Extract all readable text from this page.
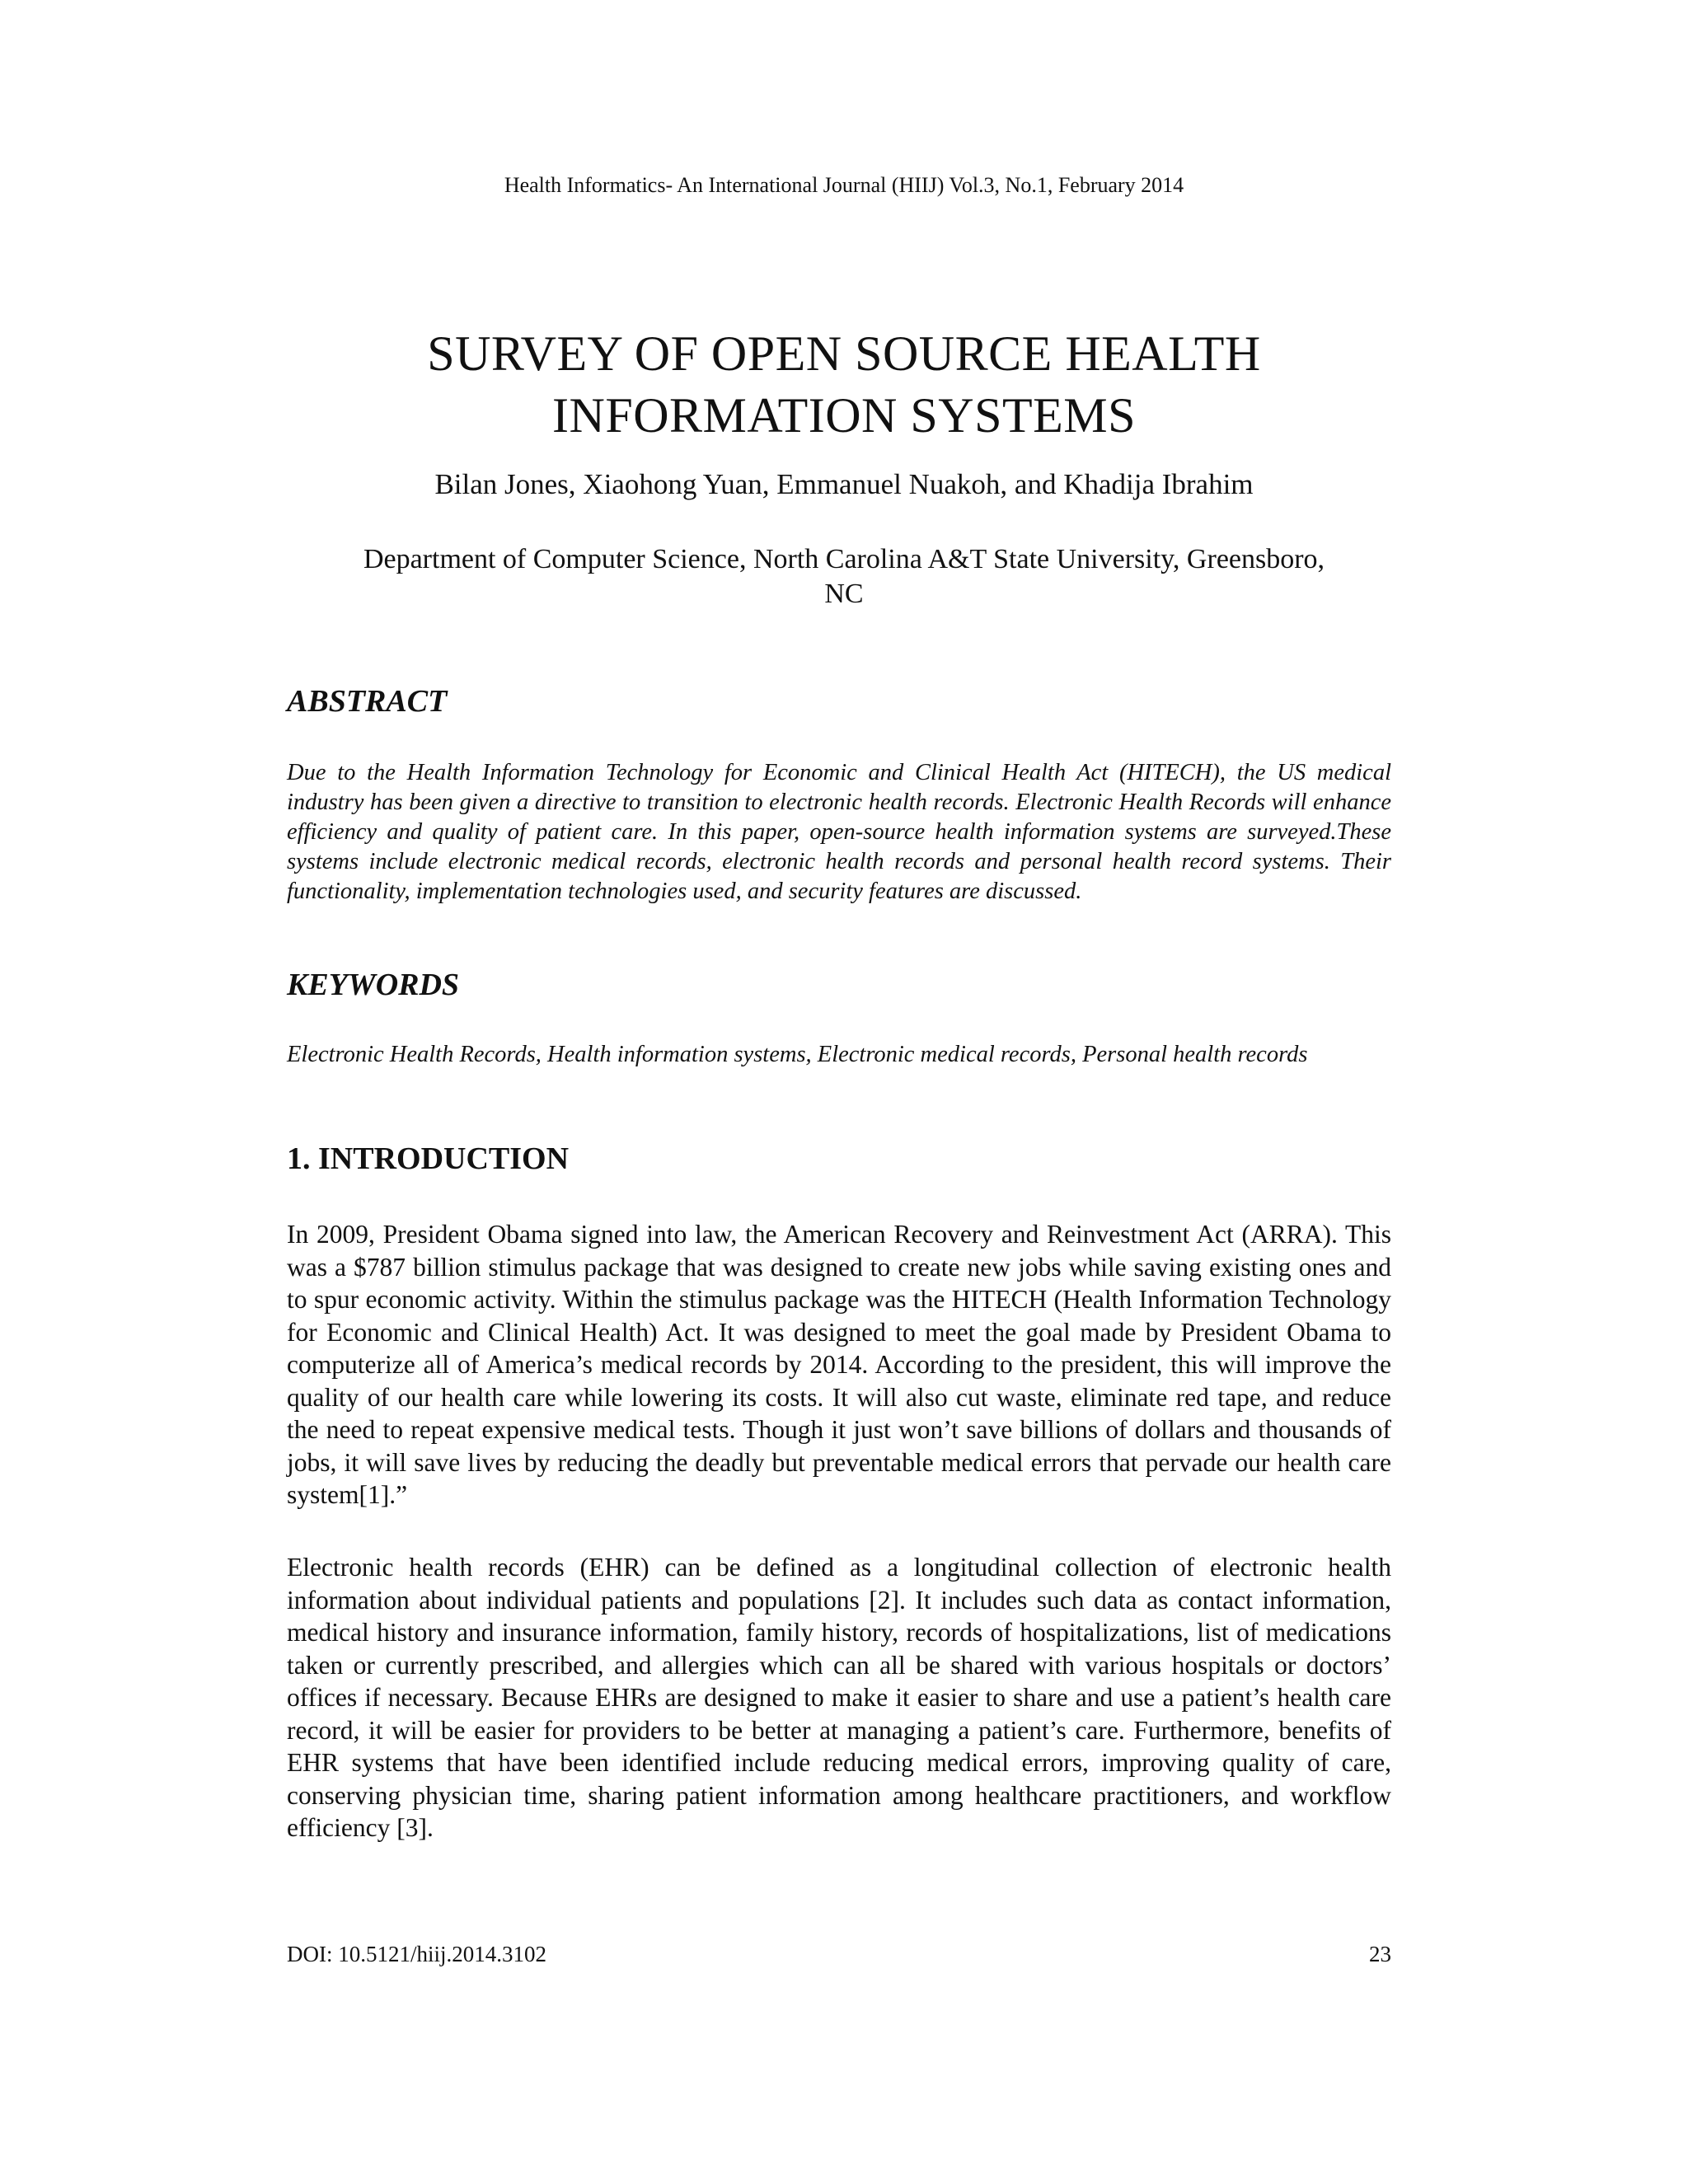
Health Informatics- An International Journal (HIIJ) Vol.3, No.1, February 2014
SURVEY OF OPEN SOURCE HEALTH
INFORMATION SYSTEMS
Bilan Jones, Xiaohong Yuan, Emmanuel Nuakoh, and Khadija Ibrahim
Department of Computer Science, North Carolina A&T State University, Greensboro,
NC
ABSTRACT

Due to the Health Information Technology for Economic and Clinical Health Act (HITECH), the US medical industry has been given a directive to transition to electronic health records. Electronic Health Records will enhance efficiency and quality of patient care. In this paper, open-source health information systems are surveyed.These systems include electronic medical records, electronic health records and personal health record systems. Their functionality, implementation technologies used, and security features are discussed.

KEYWORDS

Electronic Health Records, Health information systems, Electronic medical records, Personal health records

1. INTRODUCTION

In 2009, President Obama signed into law, the American Recovery and Reinvestment Act (ARRA). This was a $787 billion stimulus package that was designed to create new jobs while saving existing ones and to spur economic activity. Within the stimulus package was the HITECH (Health Information Technology for Economic and Clinical Health) Act. It was designed to meet the goal made by President Obama to computerize all of America’s medical records by 2014. According to the president, this will improve the quality of our health care while lowering its costs. It will also cut waste, eliminate red tape, and reduce the need to repeat expensive medical tests. Though it just won’t save billions of dollars and thousands of jobs, it will save lives by reducing the deadly but preventable medical errors that pervade our health care system[1].”

Electronic health records (EHR) can be defined as a longitudinal collection of electronic health information about individual patients and populations [2]. It includes such data as contact information, medical history and insurance information, family history, records of hospitalizations, list of medications taken or currently prescribed, and allergies which can all be shared with various hospitals or doctors’ offices if necessary. Because EHRs are designed to make it easier to share and use a patient’s health care record, it will be easier for providers to be better at managing a patient’s care. Furthermore, benefits of EHR systems that have been identified include reducing medical errors, improving quality of care, conserving physician time, sharing patient information among healthcare practitioners, and workflow efficiency [3].

DOI: 10.5121/hiij.2014.3102	23
